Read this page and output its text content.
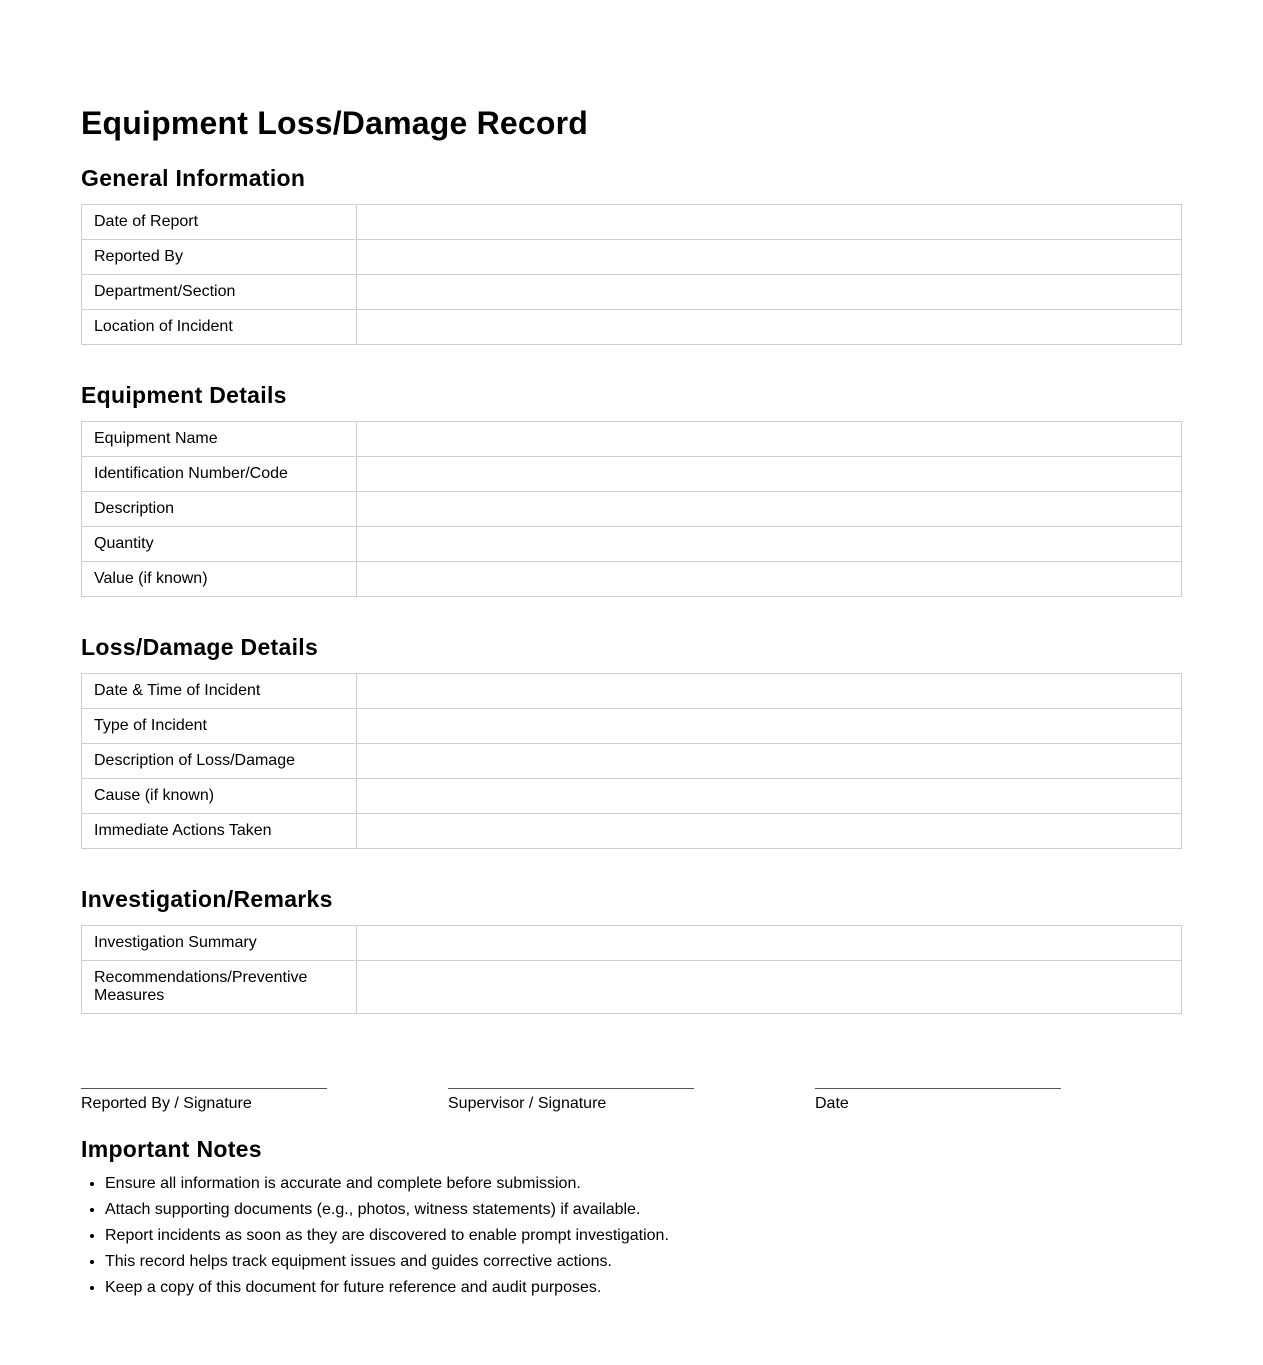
Equipment Loss/Damage Record
General Information
Date of Report	
Reported By	
Department/Section	
Location of Incident	
Equipment Details
Equipment Name	
Identification Number/Code	
Description	
Quantity	
Value (if known)	
Loss/Damage Details
Date & Time of Incident	
Type of Incident	
Description of Loss/Damage	
Cause (if known)	
Immediate Actions Taken	
Investigation/Remarks
Investigation Summary	
Recommendations/Preventive Measures	
Reported By / Signature	Supervisor / Signature	Date
Important Notes
• Ensure all information is accurate and complete before submission.
• Attach supporting documents (e.g., photos, witness statements) if available.
• Report incidents as soon as they are discovered to enable prompt investigation.
• This record helps track equipment issues and guides corrective actions.
• Keep a copy of this document for future reference and audit purposes.
